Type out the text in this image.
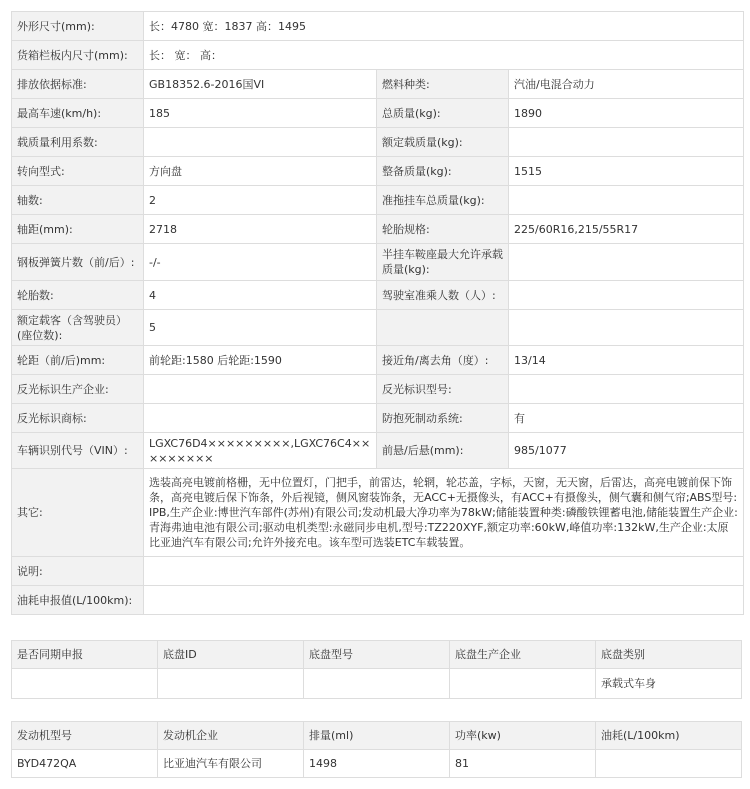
外形尺寸(mm):	长：4780 宽：1837 高：1495		
货箱栏板内尺寸(mm):	长： 宽： 高：		
排放依据标准:	GB18352.6-2016国VI	燃料种类:	汽油/电混合动力
最高车速(km/h):	185	总质量(kg):	1890
载质量利用系数:		额定载质量(kg):	
转向型式:	方向盘	整备质量(kg):	1515
轴数:	2	准拖挂车总质量(kg):	
轴距(mm):	2718	轮胎规格:	225/60R16,215/55R17
钢板弹簧片数（前/后）:	-/-	半挂车鞍座最大允许承载质量(kg):	
轮胎数:	4	驾驶室准乘人数（人）:	
额定载客（含驾驶员）(座位数):	5		
轮距（前/后)mm:	前轮距:1580 后轮距:1590	接近角/离去角（度）:	13/14
反光标识生产企业:		反光标识型号:	
反光标识商标:		防抱死制动系统:	有
车辆识别代号（VIN）:	LGXC76D4×××××××××,LGXC76C4×××××××××	前悬/后悬(mm):	985/1077
其它:	选装高亮电镀前格栅，无中位置灯，门把手，前雷达，轮辋，轮芯盖，字标，天窗，无天窗，后雷达，高亮电镀前保下饰条，高亮电镀后保下饰条，外后视镜，侧风窗装饰条，无ACC+无摄像头，有ACC+有摄像头，侧气囊和侧气帘;ABS型号:IPB,生产企业:博世汽车部件(苏州)有限公司;发动机最大净功率为78kW;储能装置种类:磷酸铁锂蓄电池,储能装置生产企业:青海弗迪电池有限公司;驱动电机类型:永磁同步电机,型号:TZ220XYF,额定功率:60kW,峰值功率:132kW,生产企业:太原比亚迪汽车有限公司;允许外接充电。该车型可选装ETC车载装置。		
说明:			
油耗申报值(L/100km):			
是否同期申报	底盘ID	底盘型号	底盘生产企业	底盘类别
				承载式车身
发动机型号	发动机企业	排量(ml)	功率(kw)	油耗(L/100km)
BYD472QA	比亚迪汽车有限公司	1498	81	
